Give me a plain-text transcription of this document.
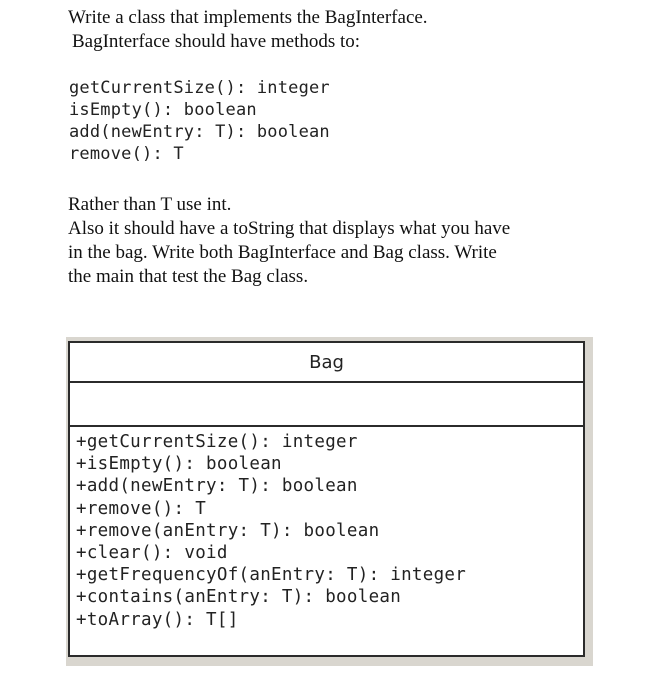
Write a class that implements the BagInterface.
BagInterface should have methods to:
getCurrentSize(): integer
isEmpty(): boolean
add(newEntry: T): boolean
remove(): T
Rather than T use int.
Also it should have a toString that displays what you have
in the bag. Write both BagInterface and Bag class. Write
the main that test the Bag class.
Bag
+getCurrentSize(): integer
+isEmpty(): boolean
+add(newEntry: T): boolean
+remove(): T
+remove(anEntry: T): boolean
+clear(): void
+getFrequencyOf(anEntry: T): integer
+contains(anEntry: T): boolean
+toArray(): T[]
